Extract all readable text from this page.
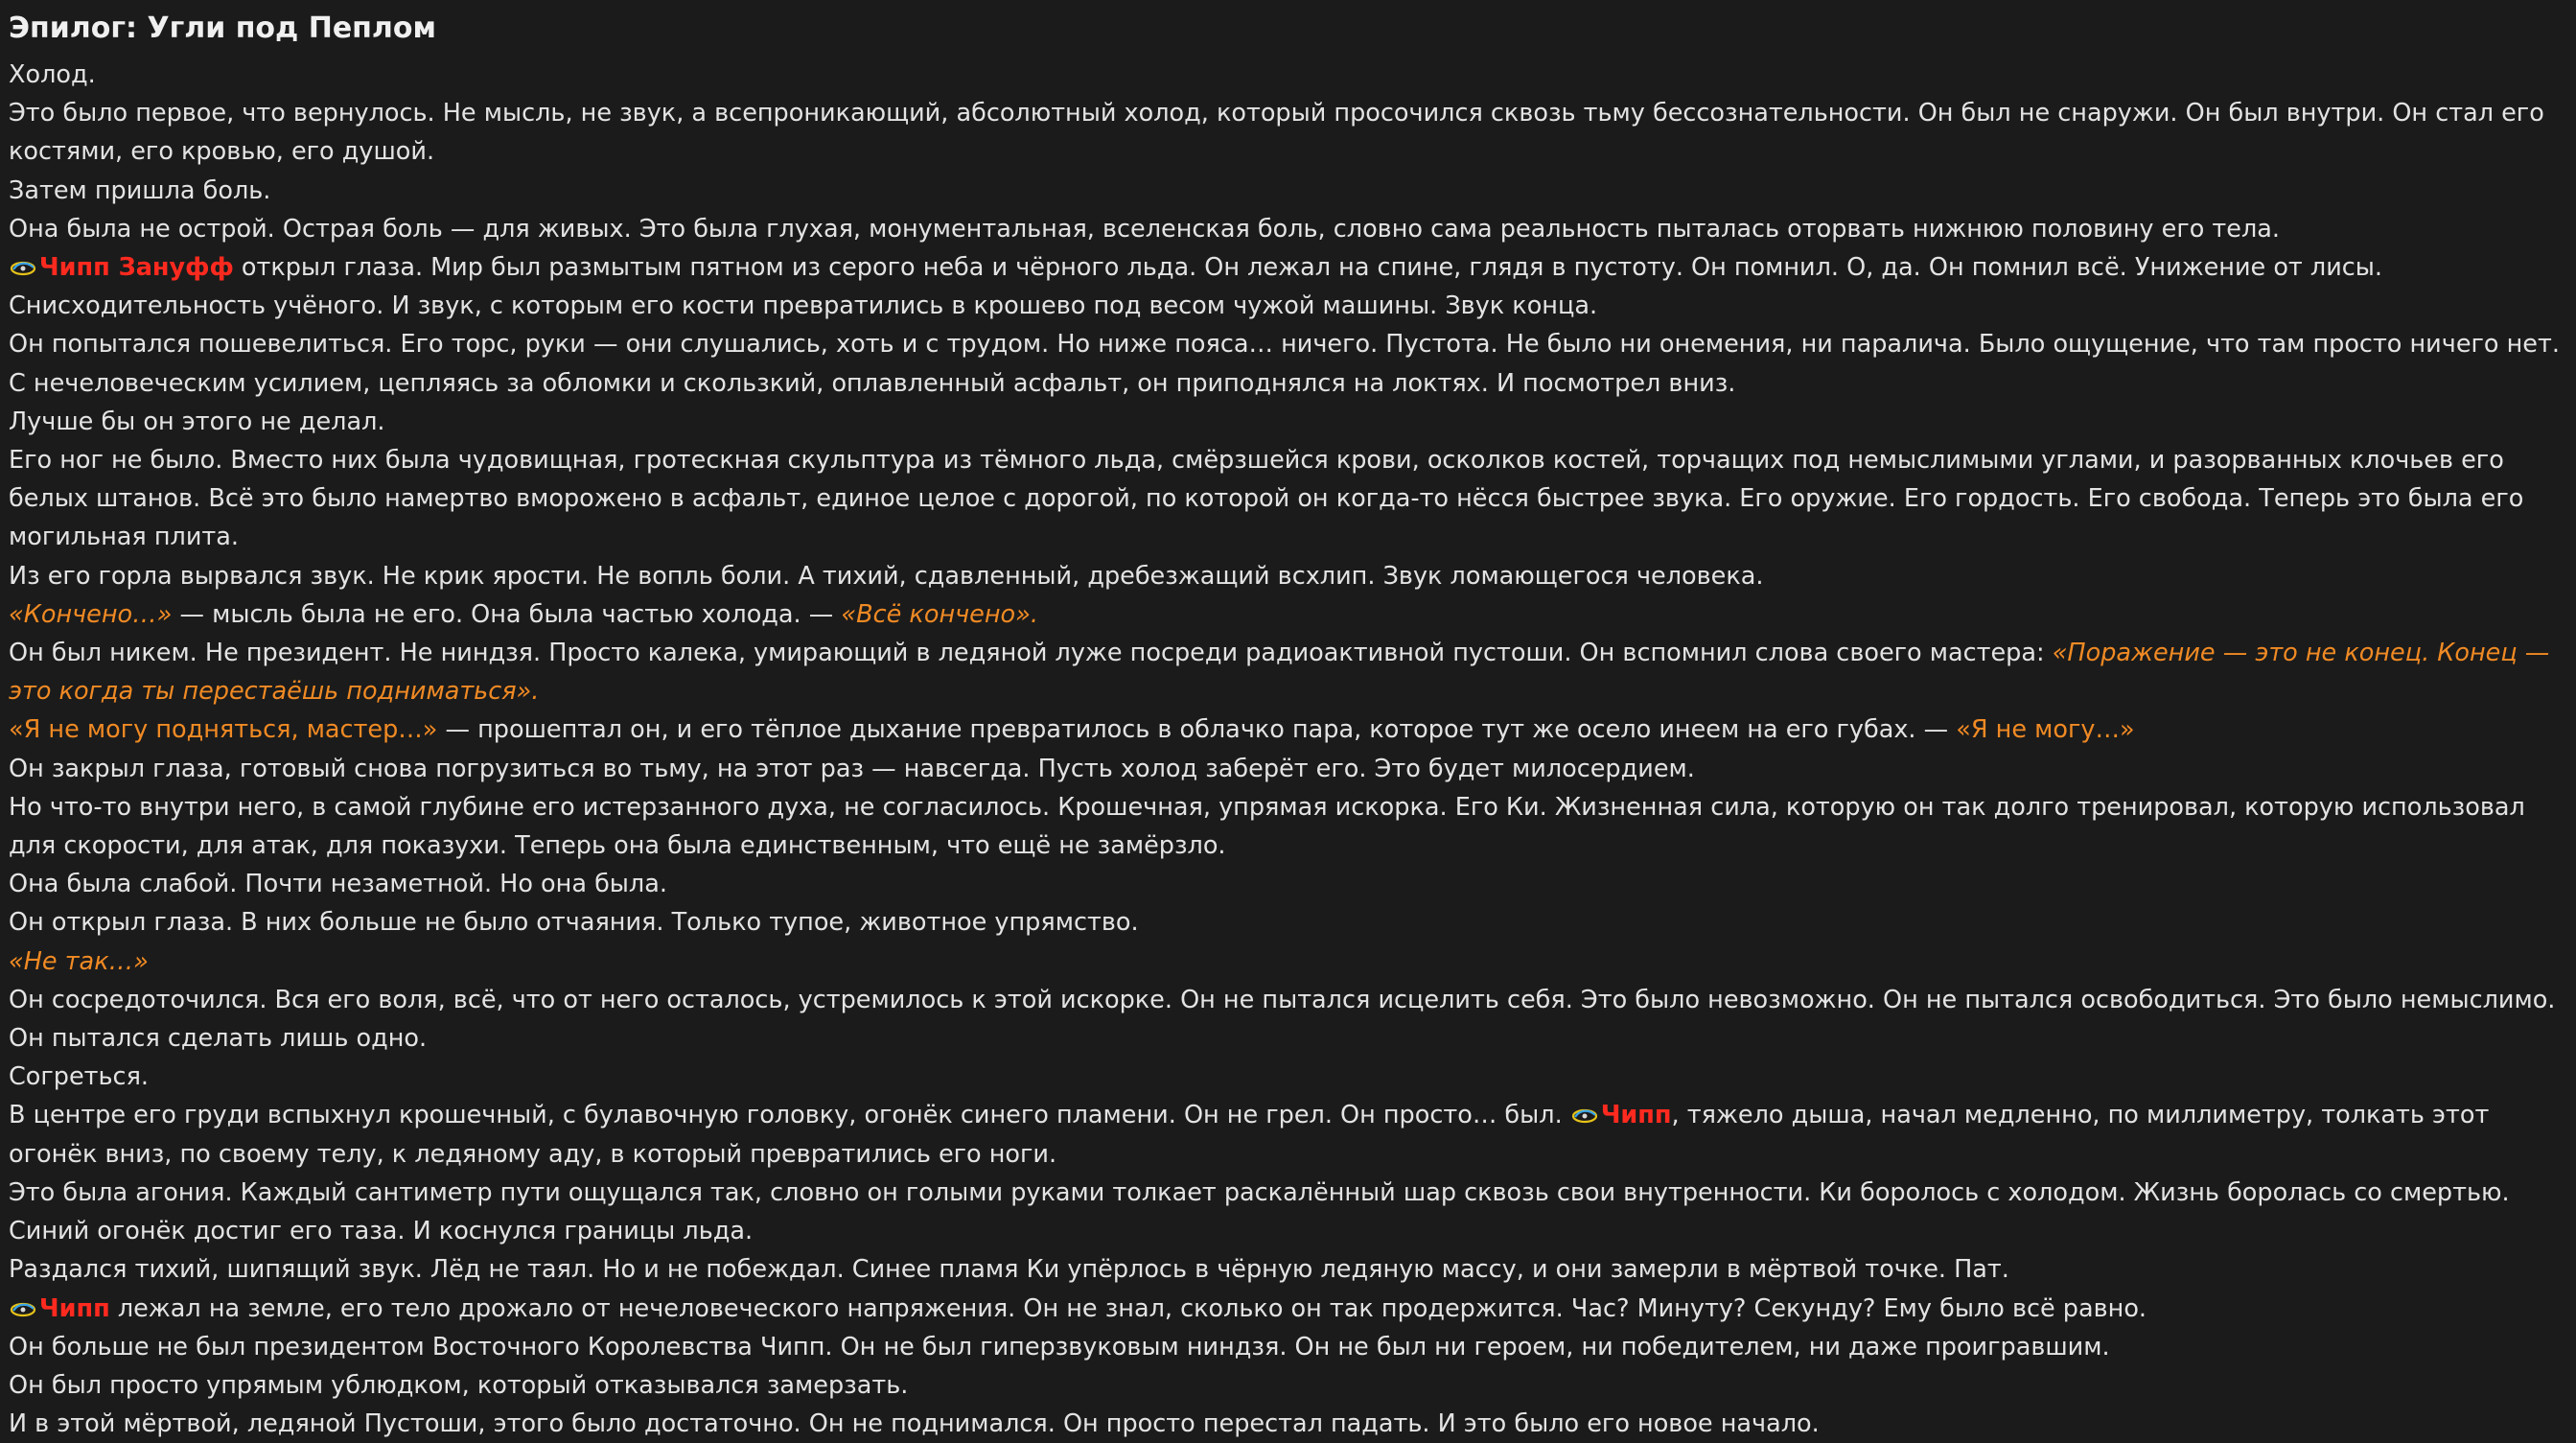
Эпилог: Угли под Пеплом

Холод.

Это было первое, что вернулось. Не мысль, не звук, а всепроникающий, абсолютный холод, который просочился сквозь тьму бессознательности. Он был не снаружи. Он был внутри. Он стал его костями, его кровью, его душой.

Затем пришла боль.

Она была не острой. Острая боль — для живых. Это была глухая, монументальная, вселенская боль, словно сама реальность пыталась оторвать нижнюю половину его тела.

Чипп Зануфф открыл глаза. Мир был размытым пятном из серого неба и чёрного льда. Он лежал на спине, глядя в пустоту. Он помнил. О, да. Он помнил всё. Унижение от лисы. Снисходительность учёного. И звук, с которым его кости превратились в крошево под весом чужой машины. Звук конца.

Он попытался пошевелиться. Его торс, руки — они слушались, хоть и с трудом. Но ниже пояса… ничего. Пустота. Не было ни онемения, ни паралича. Было ощущение, что там просто ничего нет.

С нечеловеческим усилием, цепляясь за обломки и скользкий, оплавленный асфальт, он приподнялся на локтях. И посмотрел вниз.

Лучше бы он этого не делал.

Его ног не было. Вместо них была чудовищная, гротескная скульптура из тёмного льда, смёрзшейся крови, осколков костей, торчащих под немыслимыми углами, и разорванных клочьев его белых штанов. Всё это было намертво вморожено в асфальт, единое целое с дорогой, по которой он когда-то нёсся быстрее звука. Его оружие. Его гордость. Его свобода. Теперь это была его могильная плита.

Из его горла вырвался звук. Не крик ярости. Не вопль боли. А тихий, сдавленный, дребезжащий всхлип. Звук ломающегося человека.

«Кончено…» — мысль была не его. Она была частью холода. — «Всё кончено».

Он был никем. Не президент. Не ниндзя. Просто калека, умирающий в ледяной луже посреди радиоактивной пустоши. Он вспомнил слова своего мастера: «Поражение — это не конец. Конец — это когда ты перестаёшь подниматься».

«Я не могу подняться, мастер…» — прошептал он, и его тёплое дыхание превратилось в облачко пара, которое тут же осело инеем на его губах. — «Я не могу…»

Он закрыл глаза, готовый снова погрузиться во тьму, на этот раз — навсегда. Пусть холод заберёт его. Это будет милосердием.

Но что-то внутри него, в самой глубине его истерзанного духа, не согласилось. Крошечная, упрямая искорка. Его Ки. Жизненная сила, которую он так долго тренировал, которую использовал для скорости, для атак, для показухи. Теперь она была единственным, что ещё не замёрзло.

Она была слабой. Почти незаметной. Но она была.

Он открыл глаза. В них больше не было отчаяния. Только тупое, животное упрямство.

«Не так…»

Он сосредоточился. Вся его воля, всё, что от него осталось, устремилось к этой искорке. Он не пытался исцелить себя. Это было невозможно. Он не пытался освободиться. Это было немыслимо. Он пытался сделать лишь одно.

Согреться.

В центре его груди вспыхнул крошечный, с булавочную головку, огонёк синего пламени. Он не грел. Он просто… был. Чипп, тяжело дыша, начал медленно, по миллиметру, толкать этот огонёк вниз, по своему телу, к ледяному аду, в который превратились его ноги.

Это была агония. Каждый сантиметр пути ощущался так, словно он голыми руками толкает раскалённый шар сквозь свои внутренности. Ки боролось с холодом. Жизнь боролась со смертью.

Синий огонёк достиг его таза. И коснулся границы льда.

Раздался тихий, шипящий звук. Лёд не таял. Но и не побеждал. Синее пламя Ки упёрлось в чёрную ледяную массу, и они замерли в мёртвой точке. Пат.

Чипп лежал на земле, его тело дрожало от нечеловеческого напряжения. Он не знал, сколько он так продержится. Час? Минуту? Секунду? Ему было всё равно.

Он больше не был президентом Восточного Королевства Чипп. Он не был гиперзвуковым ниндзя. Он не был ни героем, ни победителем, ни даже проигравшим.

Он был просто упрямым ублюдком, который отказывался замерзать.

И в этой мёртвой, ледяной Пустоши, этого было достаточно. Он не поднимался. Он просто перестал падать. И это было его новое начало.
